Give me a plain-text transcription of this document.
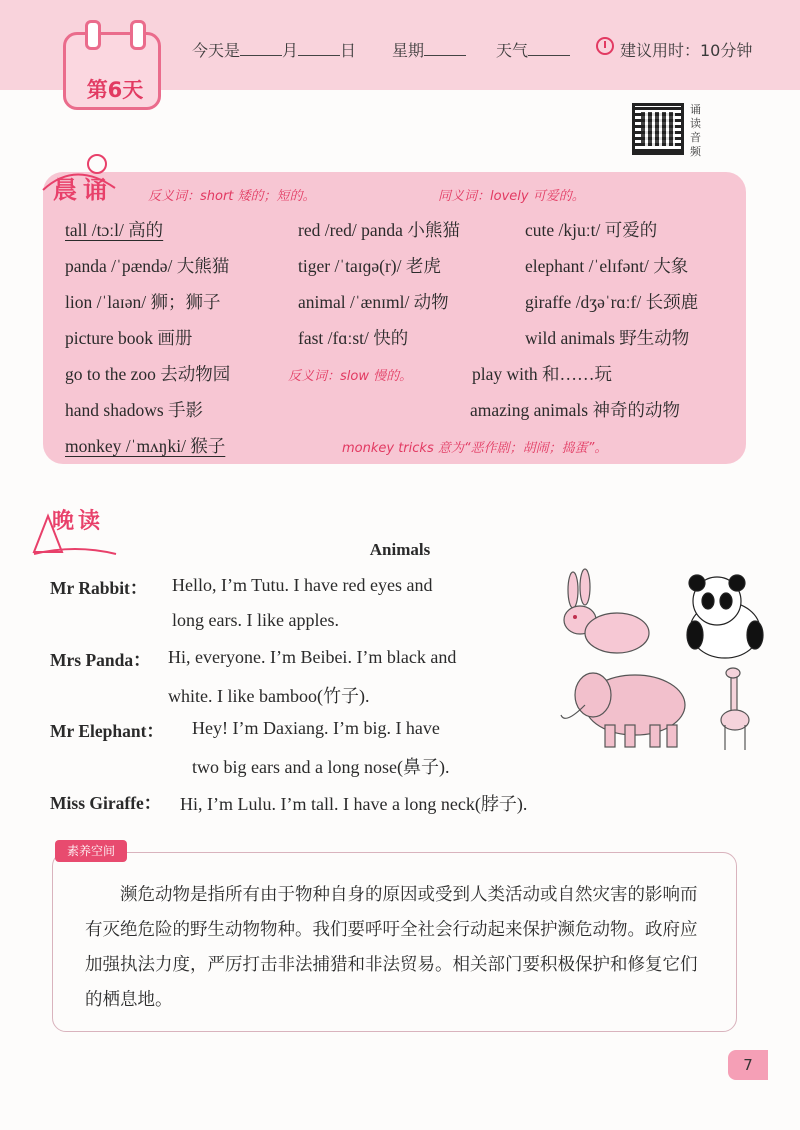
第6天
今天是	月	日 星期	天气	建议用时：10分钟
诵读音频
晨诵	反义词：short 矮的；短的。	同义词：lovely 可爱的。
tall /tɔːl/ 高的	red /red/ panda 小熊猫	cute /kjuːt/ 可爱的
panda /ˈpændə/ 大熊猫	tiger /ˈtaɪɡə(r)/ 老虎	elephant /ˈelɪfənt/ 大象
lion /ˈlaɪən/ 狮；狮子	animal /ˈænɪml/ 动物	giraffe /dʒəˈrɑːf/ 长颈鹿
picture book 画册	fast /fɑːst/ 快的	wild animals 野生动物
go to the zoo 去动物园	反义词：slow 慢的。	play with 和……玩
hand shadows 手影	amazing animals 神奇的动物
monkey /ˈmʌŋki/ 猴子	monkey tricks 意为“恶作剧；胡闹；捣蛋”。
晚读
Animals
Mr Rabbit： Hello, I’m Tutu. I have red eyes and
long ears. I like apples.
Mrs Panda： Hi, everyone. I’m Beibei. I’m black and
white. I like bamboo(竹子).
Mr Elephant： Hey! I’m Daxiang. I’m big. I have
two big ears and a long nose(鼻子).
Miss Giraffe： Hi, I’m Lulu. I’m tall. I have a long neck(脖子).
素养空间
濒危动物是指所有由于物种自身的原因或受到人类活动或自然灾害的影响而有灭绝危险的野生动物物种。我们要呼吁全社会行动起来保护濒危动物。政府应加强执法力度，严厉打击非法捕猎和非法贸易。相关部门要积极保护和修复它们的栖息地。
7
